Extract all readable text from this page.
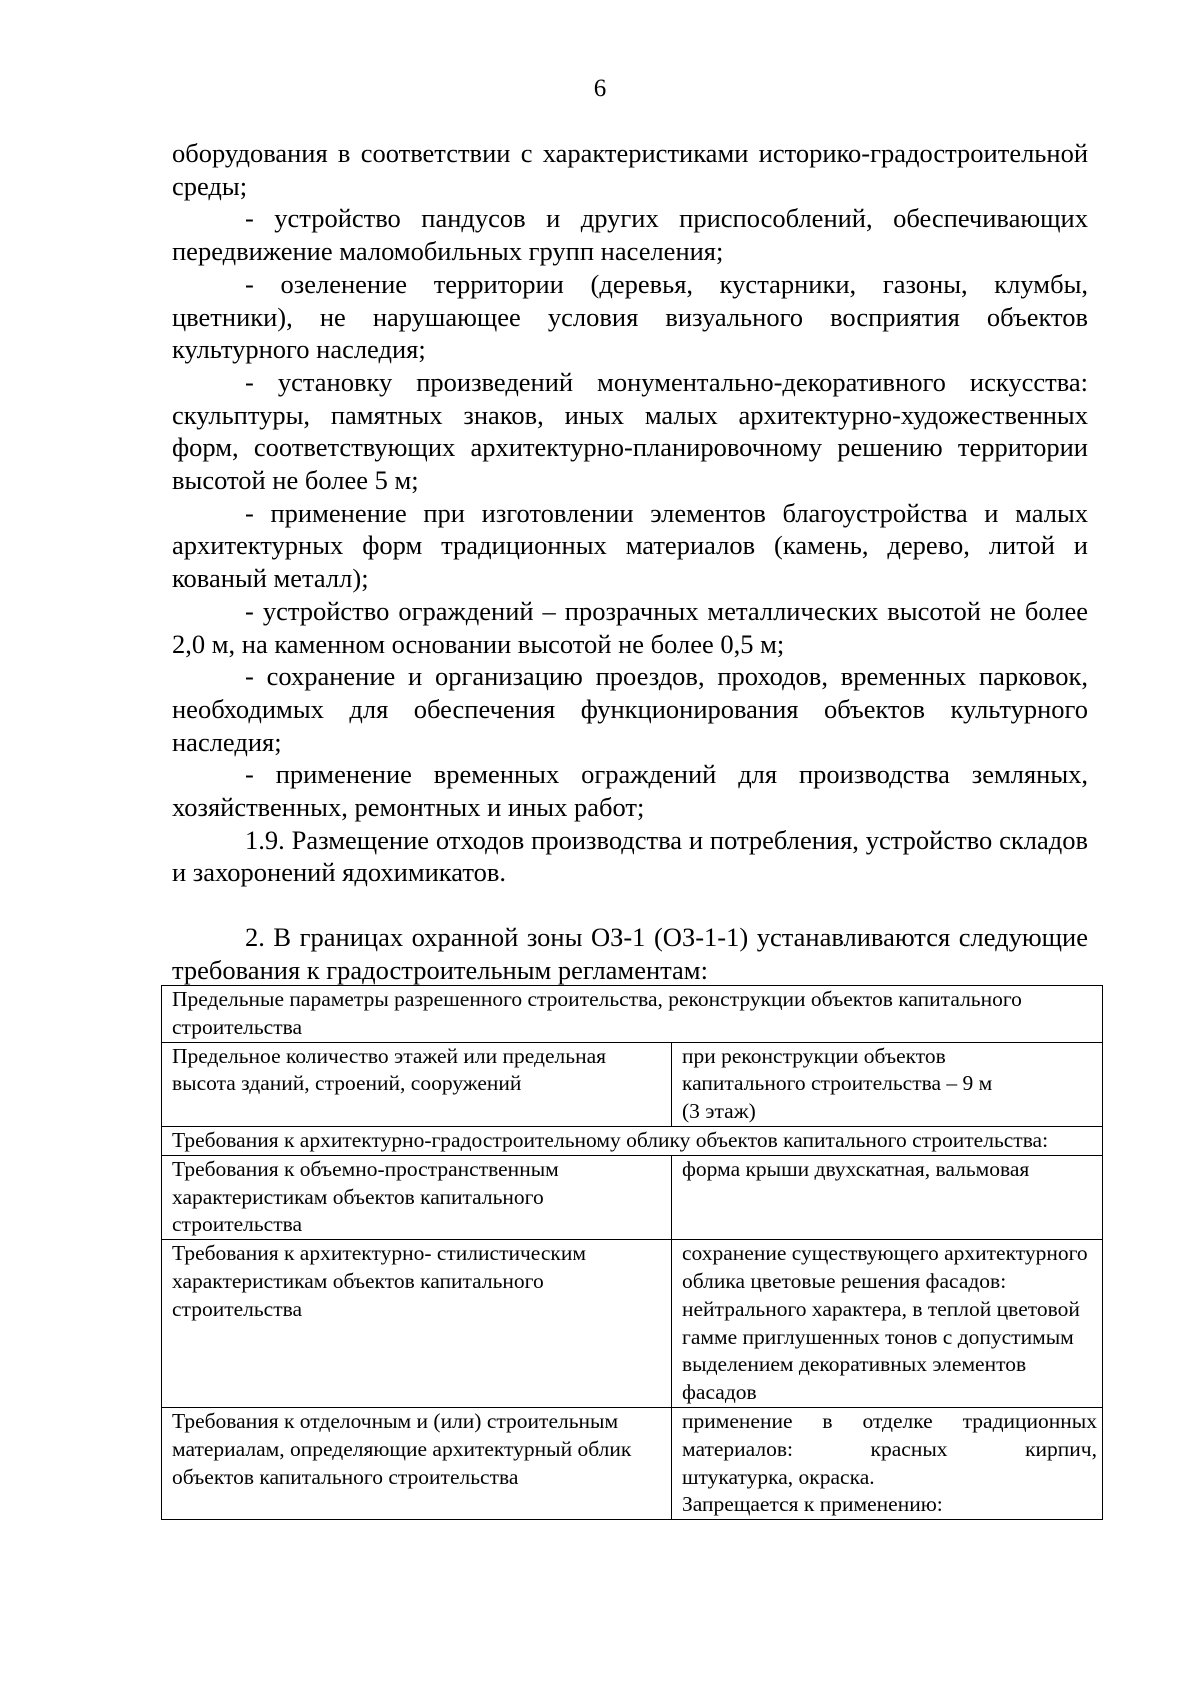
6

оборудования в соответствии с характеристиками историко-градостроительной среды;

- устройство пандусов и других приспособлений, обеспечивающих передвижение маломобильных групп населения;

- озеленение территории (деревья, кустарники, газоны, клумбы, цветники), не нарушающее условия визуального восприятия объектов культурного наследия;

- установку произведений монументально-декоративного искусства: скульптуры, памятных знаков, иных малых архитектурно-художественных форм, соответствующих архитектурно-планировочному решению территории высотой не более 5 м;

- применение при изготовлении элементов благоустройства и малых архитектурных форм традиционных материалов (камень, дерево, литой и кованый металл);

- устройство ограждений – прозрачных металлических высотой не более 2,0 м, на каменном основании высотой не более 0,5 м;

- сохранение и организацию проездов, проходов, временных парковок, необходимых для обеспечения функционирования объектов культурного наследия;

- применение временных ограждений для производства земляных, хозяйственных, ремонтных и иных работ;

1.9. Размещение отходов производства и потребления, устройство складов и захоронений ядохимикатов.

2. В границах охранной зоны ОЗ-1 (ОЗ-1-1) устанавливаются следующие требования к градостроительным регламентам:

Предельные параметры разрешенного строительства, реконструкции объектов капитального строительства	
Предельное количество этажей или предельная высота зданий, строений, сооружений	при реконструкции объектов
капитального строительства – 9 м
(3 этаж)

Требования к архитектурно-градостроительному облику объектов капитального строительства:	
Требования к объемно-пространственным характеристикам объектов капитального строительства	форма крыши двухскатная, вальмовая
Требования к архитектурно- стилистическим характеристикам объектов капитального строительства	сохранение существующего архитектурного облика цветовые решения фасадов: нейтрального характера, в теплой цветовой гамме приглушенных тонов с допустимым выделением декоративных элементов фасадов
Требования к отделочным и (или) строительным материалам, определяющие архитектурный облик объектов капитального строительства	применение в отделке традиционных
материалов: красных кирпич,
штукатурка, окраска.
Запрещается к применению:
